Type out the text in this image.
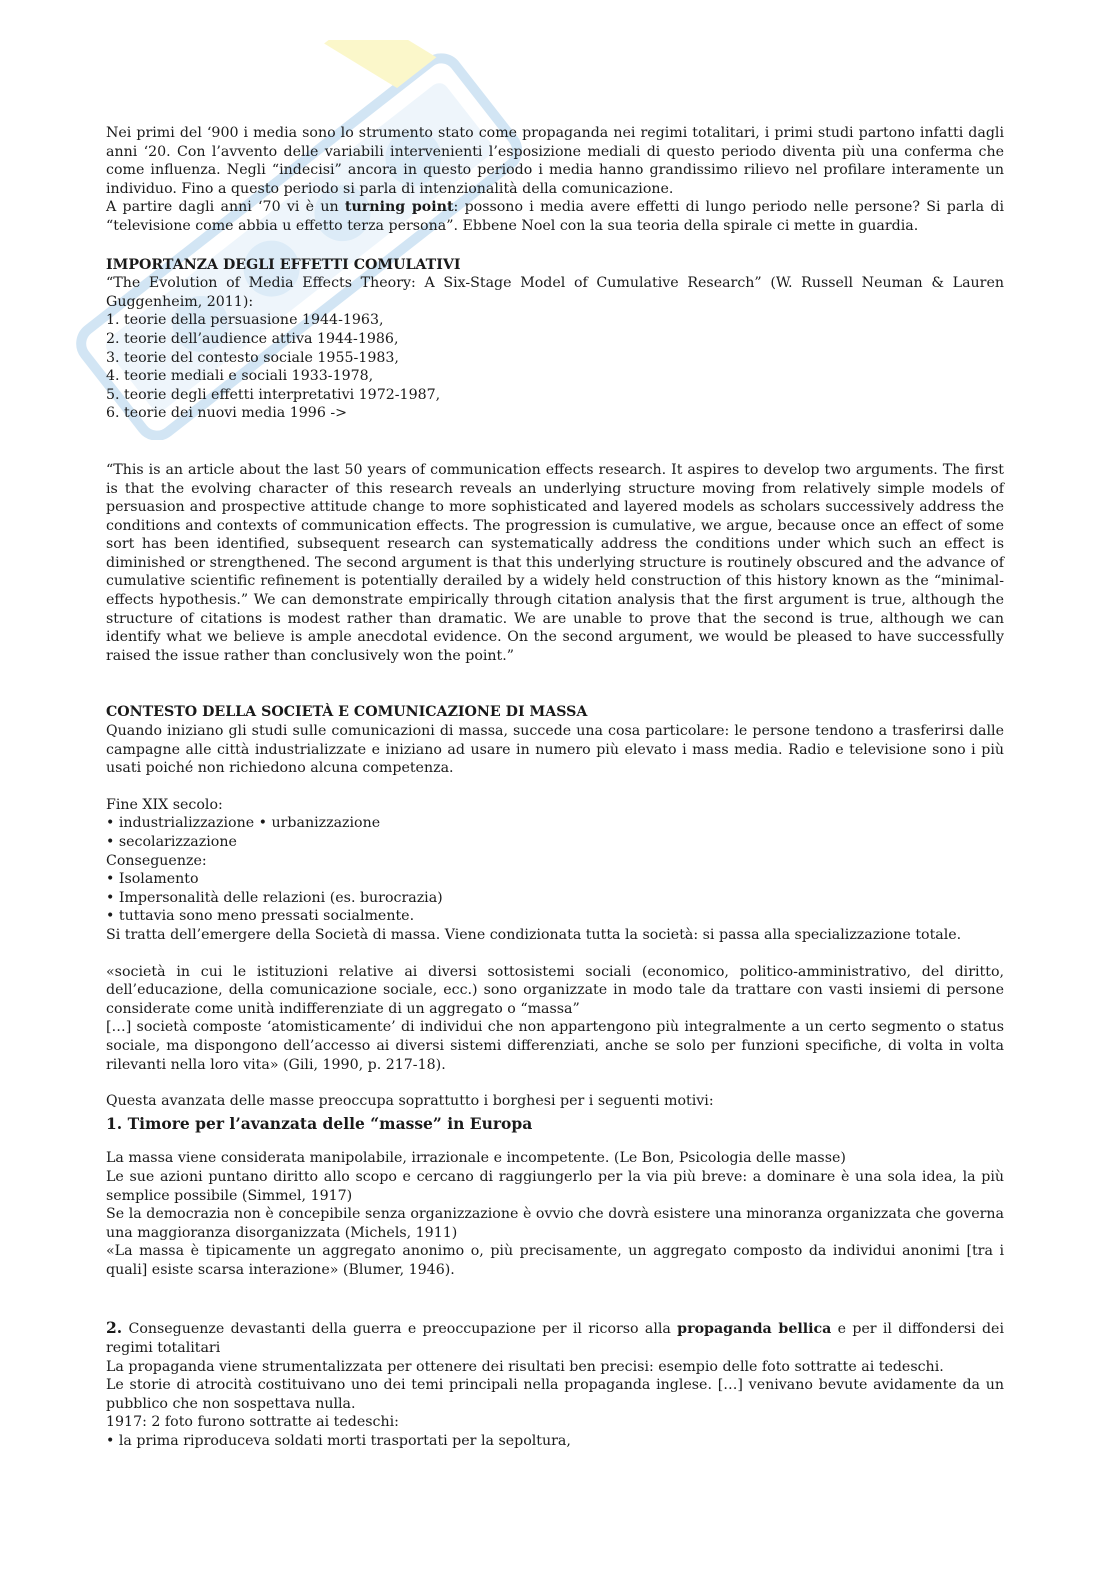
Nei primi del ‘900 i media sono lo strumento stato come propaganda nei regimi totalitari, i primi studi partono infatti dagli anni ‘20. Con l’avvento delle variabili intervenienti l’esposizione mediali di questo periodo diventa più una conferma che come influenza. Negli “indecisi” ancora in questo periodo i media hanno grandissimo rilievo nel profilare interamente un individuo. Fino a questo periodo si parla di intenzionalità della comunicazione.

A partire dagli anni ‘70 vi è un turning point: possono i media avere effetti di lungo periodo nelle persone? Si parla di “televisione come abbia u effetto terza persona”. Ebbene Noel con la sua teoria della spirale ci mette in guardia.

IMPORTANZA DEGLI EFFETTI COMULATIVI

“The Evolution of Media Effects Theory: A Six-Stage Model of Cumulative Research” (W. Russell Neuman & Lauren Guggenheim, 2011):

1. teorie della persuasione 1944-1963,
2. teorie dell’audience attiva 1944-1986,
3. teorie del contesto sociale 1955-1983,
4. teorie mediali e sociali 1933-1978,
5. teorie degli effetti interpretativi 1972-1987,
6. teorie dei nuovi media 1996 ->

“This is an article about the last 50 years of communication effects research. It aspires to develop two arguments. The first is that the evolving character of this research reveals an underlying structure moving from relatively simple models of persuasion and prospective attitude change to more sophisticated and layered models as scholars successively address the conditions and contexts of communication effects. The progression is cumulative, we argue, because once an effect of some sort has been identified, subsequent research can systematically address the conditions under which such an effect is diminished or strengthened. The second argument is that this underlying structure is routinely obscured and the advance of cumulative scientific refinement is potentially derailed by a widely held construction of this history known as the “minimal-effects hypothesis.” We can demonstrate empirically through citation analysis that the first argument is true, although the structure of citations is modest rather than dramatic. We are unable to prove that the second is true, although we can identify what we believe is ample anecdotal evidence. On the second argument, we would be pleased to have successfully raised the issue rather than conclusively won the point.”

CONTESTO DELLA SOCIETÀ E COMUNICAZIONE DI MASSA

Quando iniziano gli studi sulle comunicazioni di massa, succede una cosa particolare: le persone tendono a trasferirsi dalle campagne alle città industrializzate e iniziano ad usare in numero più elevato i mass media. Radio e televisione sono i più usati poiché non richiedono alcuna competenza.

Fine XIX secolo:
• industrializzazione • urbanizzazione
• secolarizzazione
Conseguenze:
• Isolamento
• Impersonalità delle relazioni (es. burocrazia)
• tuttavia sono meno pressati socialmente.
Si tratta dell’emergere della Società di massa. Viene condizionata tutta la società: si passa alla specializzazione totale.

«società in cui le istituzioni relative ai diversi sottosistemi sociali (economico, politico-amministrativo, del diritto, dell’educazione, della comunicazione sociale, ecc.) sono organizzate in modo tale da trattare con vasti insiemi di persone considerate come unità indifferenziate di un aggregato o “massa”

[…] società composte ‘atomisticamente’ di individui che non appartengono più integralmente a un certo segmento o status sociale, ma dispongono dell’accesso ai diversi sistemi differenziati, anche se solo per funzioni specifiche, di volta in volta rilevanti nella loro vita» (Gili, 1990, p. 217-18).

Questa avanzata delle masse preoccupa soprattutto i borghesi per i seguenti motivi:

1. Timore per l’avanzata delle “masse” in Europa

La massa viene considerata manipolabile, irrazionale e incompetente. (Le Bon, Psicologia delle masse)

Le sue azioni puntano diritto allo scopo e cercano di raggiungerlo per la via più breve: a dominare è una sola idea, la più semplice possibile (Simmel, 1917)

Se la democrazia non è concepibile senza organizzazione è ovvio che dovrà esistere una minoranza organizzata che governa una maggioranza disorganizzata (Michels, 1911)

«La massa è tipicamente un aggregato anonimo o, più precisamente, un aggregato composto da individui anonimi [tra i quali] esiste scarsa interazione» (Blumer, 1946).

2. Conseguenze devastanti della guerra e preoccupazione per il ricorso alla propaganda bellica e per il diffondersi dei regimi totalitari

La propaganda viene strumentalizzata per ottenere dei risultati ben precisi: esempio delle foto sottratte ai tedeschi.

Le storie di atrocità costituivano uno dei temi principali nella propaganda inglese. […] venivano bevute avidamente da un pubblico che non sospettava nulla.

1917: 2 foto furono sottratte ai tedeschi:

• la prima riproduceva soldati morti trasportati per la sepoltura,
